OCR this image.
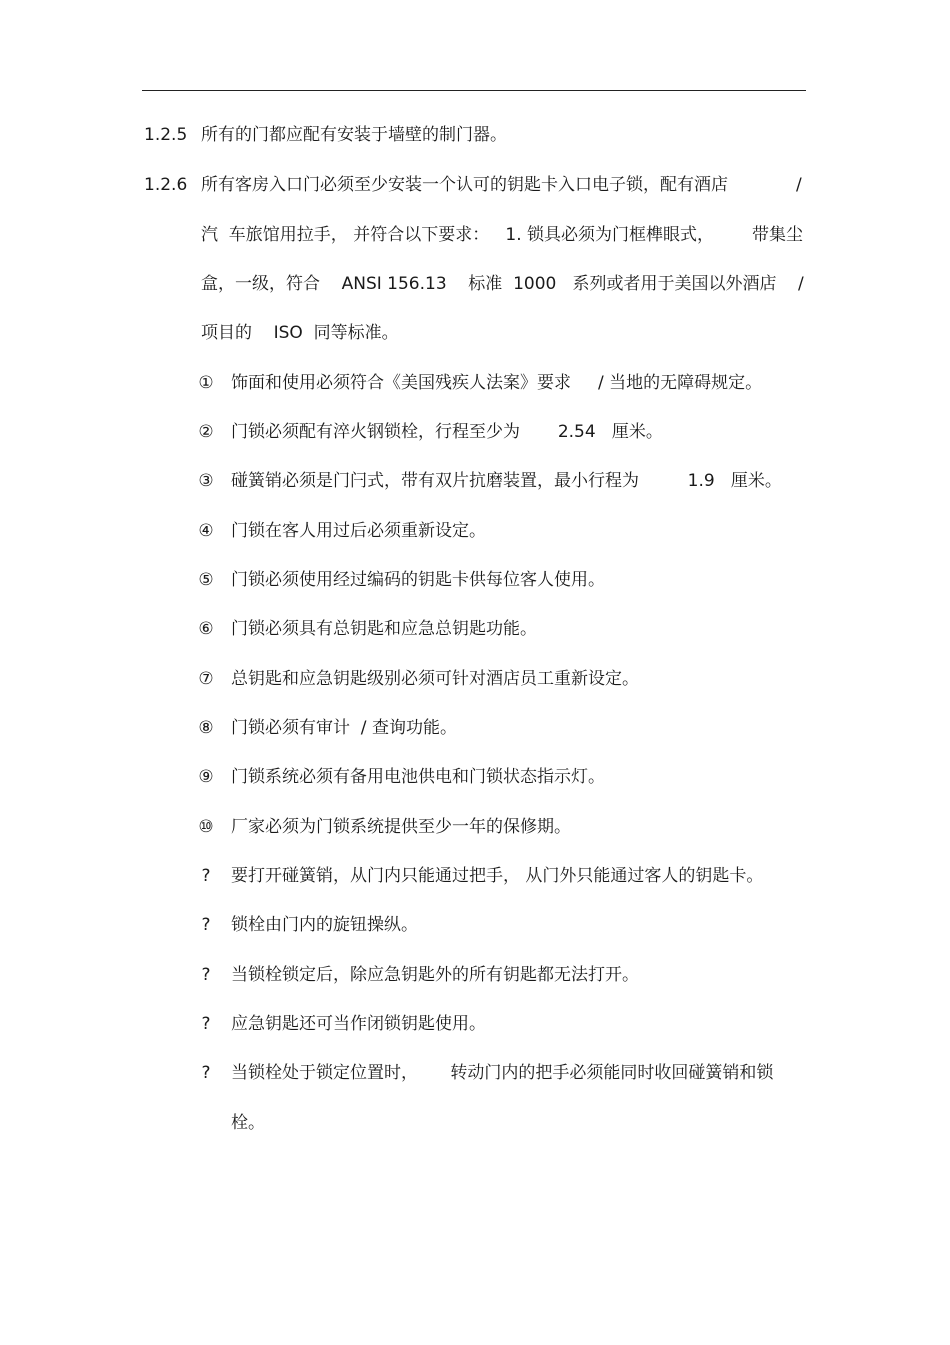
1.2.5 所有的门都应配有安装于墙壁的制门器。
1.2.6 所有客房入口门必须至少安装一个认可的钥匙卡入口电子锁，配有酒店	/
汽  车旅馆用拉手， 并符合以下要求：   1. 锁具必须为门框榫眼式， 带集尘
盒，一级，符合    ANSI 156.13    标准  1000   系列或者用于美国以外酒店 /
项目的    ISO  同等标准。
① 饰面和使用必须符合《美国残疾人法案》要求     / 当地的无障碍规定。
② 门锁必须配有淬火钢锁栓，行程至少为       2.54   厘米。
③ 碰簧销必须是门闩式，带有双片抗磨装置，最小行程为         1.9   厘米。
④ 门锁在客人用过后必须重新设定。
⑤ 门锁必须使用经过编码的钥匙卡供每位客人使用。
⑥ 门锁必须具有总钥匙和应急总钥匙功能。
⑦ 总钥匙和应急钥匙级别必须可针对酒店员工重新设定。
⑧ 门锁必须有审计  / 查询功能。
⑨ 门锁系统必须有备用电池供电和门锁状态指示灯。
⑩ 厂家必须为门锁系统提供至少一年的保修期。
?	要打开碰簧销，从门内只能通过把手， 从门外只能通过客人的钥匙卡。
?	锁栓由门内的旋钮操纵。
?	当锁栓锁定后，除应急钥匙外的所有钥匙都无法打开。
?	应急钥匙还可当作闭锁钥匙使用。
?	当锁栓处于锁定位置时，      转动门内的把手必须能同时收回碰簧销和锁
栓。
